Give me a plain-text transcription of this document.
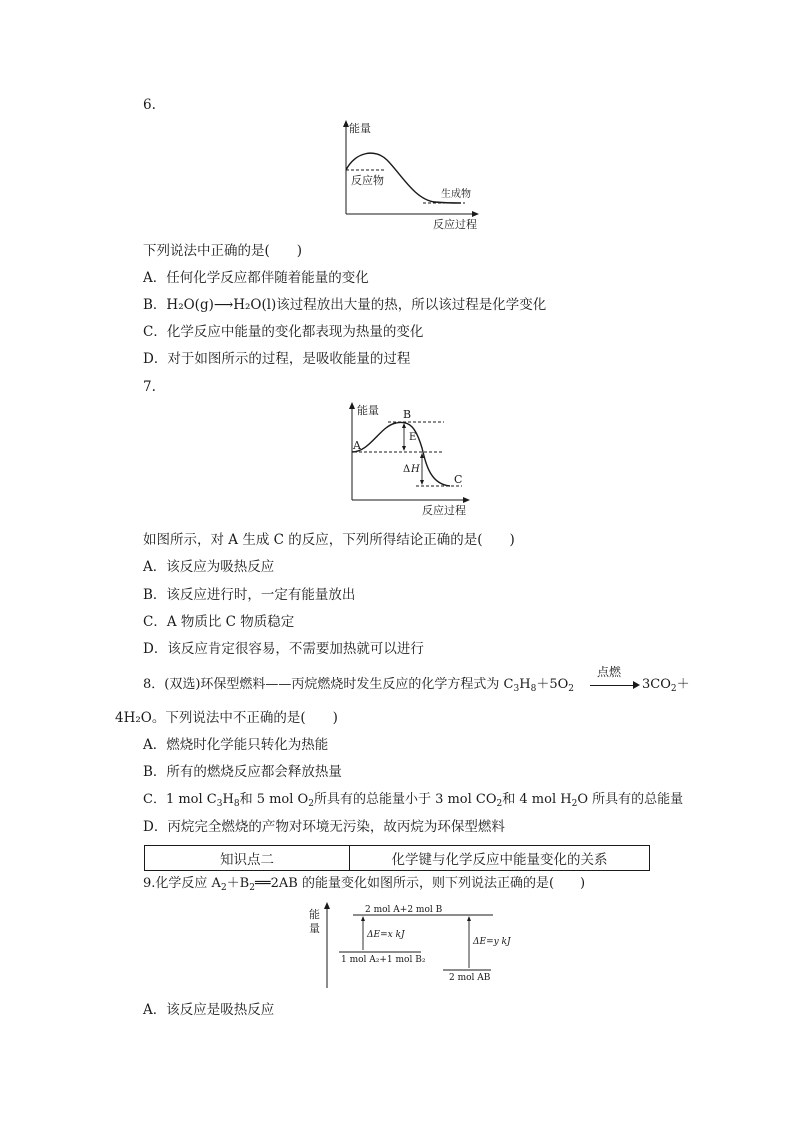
6.
能量
反应物
生成物
反应过程
下列说法中正确的是(　　)
A．任何化学反应都伴随着能量的变化
B．H₂O(g)⟶H₂O(l)该过程放出大量的热，所以该过程是化学变化
C．化学反应中能量的变化都表现为热量的变化
D．对于如图所示的过程，是吸收能量的过程
7.
能量 B
A
E
Δ H
C
反应过程
如图所示，对 A 生成 C 的反应，下列所得结论正确的是(　　)
A．该反应为吸热反应
B．该反应进行时，一定有能量放出
C．A 物质比 C 物质稳定
D．该反应肯定很容易，不需要加热就可以进行
8．(双选)环保型燃料——丙烷燃烧时发生反应的化学方程式为 $C_3H_8+5O_2$
点燃
$3CO_2+$
4H₂O。下列说法中不正确的是(　　)
A．燃烧时化学能只转化为热能
B．所有的燃烧反应都会释放热量
C．1 mol $C_3H_8$和 5 mol $O_2$所具有的总能量小于 3 mol $CO_2$和 4 mol $H_2O$ 所具有的总能量
D．丙烷完全燃烧的产物对环境无污染，故丙烷为环保型燃料
知识点二	化学键与化学反应中能量变化的关系
9.化学反应 $A_2+B_2══2AB$ 的能量变化如图所示，则下列说法正确的是(　　)
能
量
2 mol A+2 mol B
1 mol A₂+1 mol B₂
ΔE=x kJ
2 mol AB
ΔE=y kJ
A．该反应是吸热反应
